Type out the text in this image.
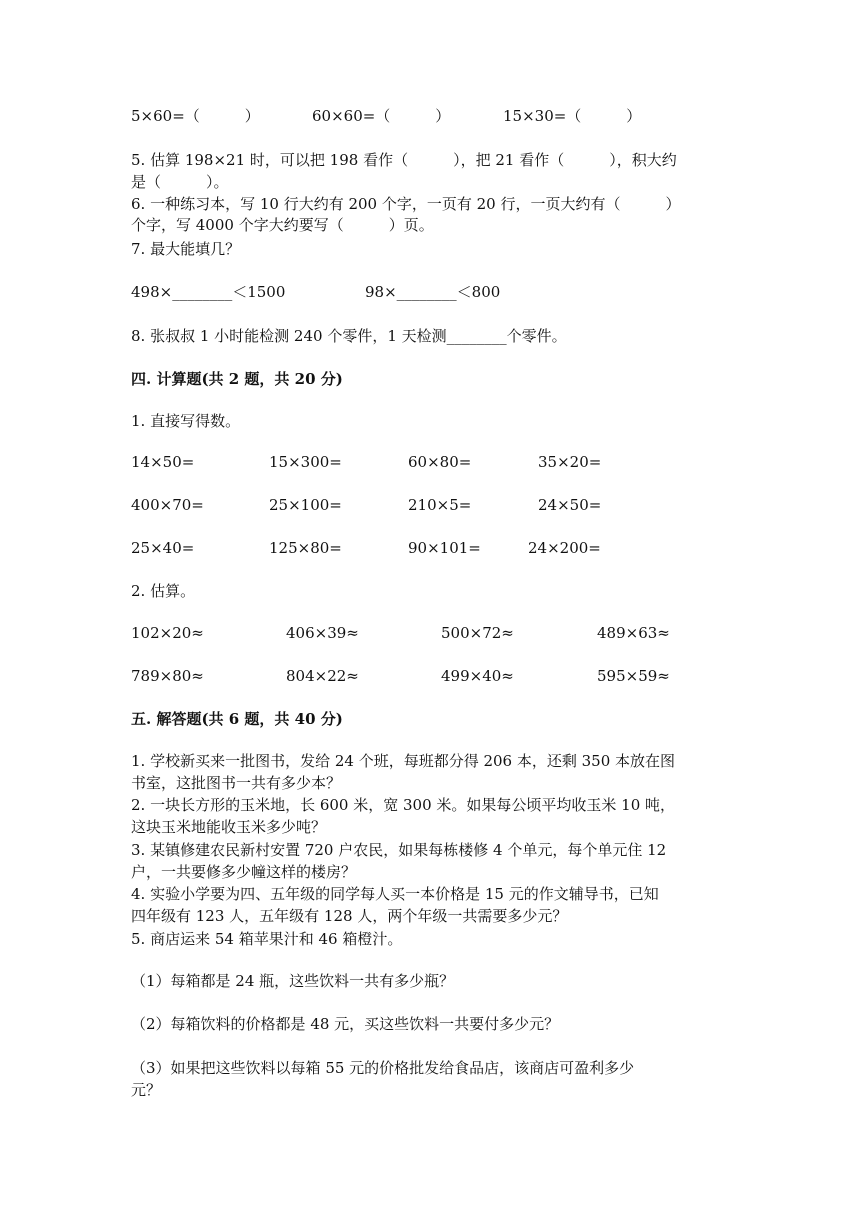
5×60=（　　　）	60×60=（　　　）	15×30=（　　　）
5. 估算 198×21 时，可以把 198 看作（　　　），把 21 看作（　　　），积大约
是（　　　）。
6. 一种练习本，写 10 行大约有 200 个字，一页有 20 行，一页大约有（　　　）
个字，写 4000 个字大约要写（　　　）页。
7. 最大能填几？
498×________＜1500	98×________＜800
8. 张叔叔 1 小时能检测 240 个零件，1 天检测________个零件。
四. 计算题(共 2 题，共 20 分)
1. 直接写得数。
14×50=	15×300=	60×80=	35×20=
400×70=	25×100=	210×5=	24×50=
25×40=	125×80=	90×101=	24×200=
2. 估算。
102×20≈	406×39≈	500×72≈	489×63≈
789×80≈	804×22≈	499×40≈	595×59≈
五. 解答题(共 6 题，共 40 分)
1. 学校新买来一批图书，发给 24 个班，每班都分得 206 本，还剩 350 本放在图
书室，这批图书一共有多少本？
2. 一块长方形的玉米地，长 600 米，宽 300 米。如果每公顷平均收玉米 10 吨，
这块玉米地能收玉米多少吨？
3. 某镇修建农民新村安置 720 户农民，如果每栋楼修 4 个单元，每个单元住 12
户，一共要修多少幢这样的楼房？
4. 实验小学要为四、五年级的同学每人买一本价格是 15 元的作文辅导书，已知
四年级有 123 人，五年级有 128 人，两个年级一共需要多少元？
5. 商店运来 54 箱苹果汁和 46 箱橙汁。
（1）每箱都是 24 瓶，这些饮料一共有多少瓶？
（2）每箱饮料的价格都是 48 元，买这些饮料一共要付多少元？
（3）如果把这些饮料以每箱 55 元的价格批发给食品店，该商店可盈利多少
元？
